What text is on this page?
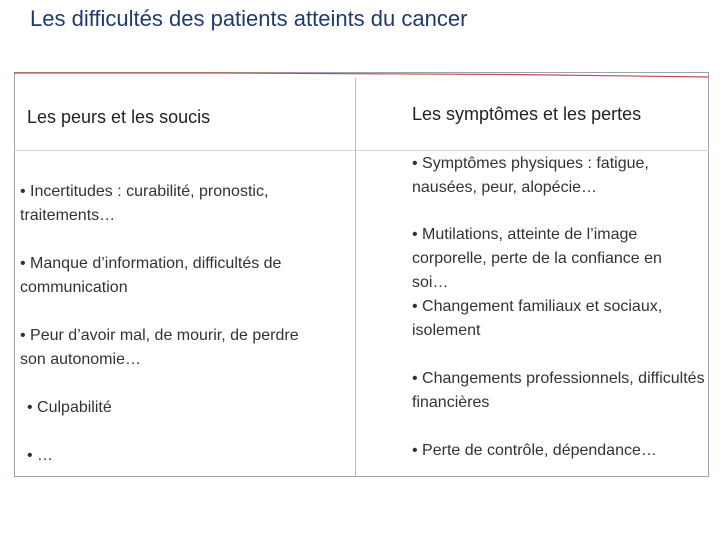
Les difficultés des patients atteints du cancer
Les peurs et les soucis	Les symptômes et les pertes
• Incertitudes : curabilité, pronostic, traitements…
• Manque d’information, difficultés de communication
• Peur d’avoir mal, de mourir, de perdre son autonomie…
• Culpabilité
• …
• Symptômes physiques : fatigue, nausées, peur, alopécie…
• Mutilations, atteinte de l’image corporelle, perte de la confiance en soi…
• Changement familiaux et sociaux, isolement
• Changements professionnels, difficultés financières
• Perte de contrôle, dépendance…
